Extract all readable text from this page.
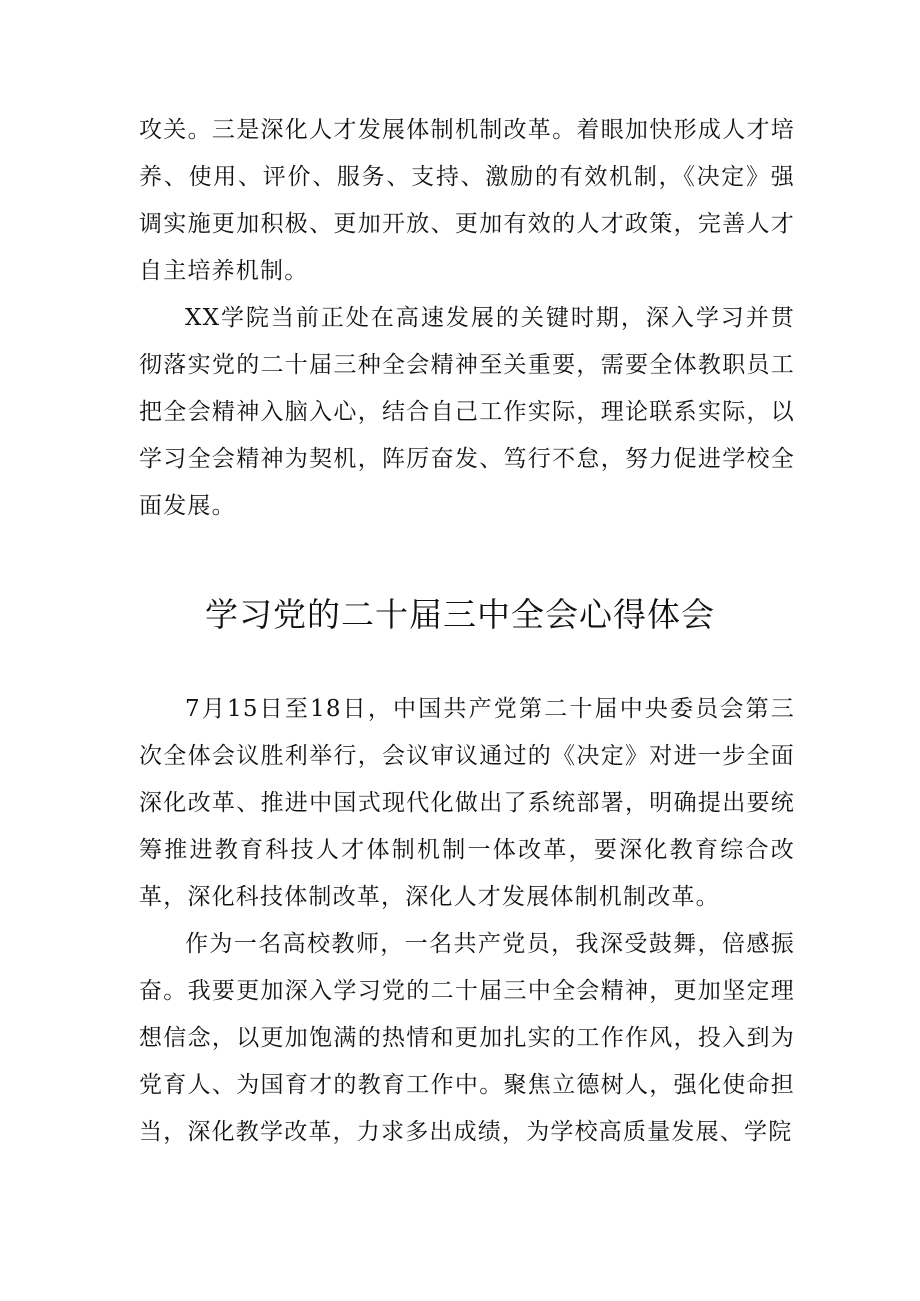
攻关。三是深化人才发展体制机制改革。着眼加快形成人才培养、使用、评价、服务、支持、激励的有效机制，《决定》强调实施更加积极、更加开放、更加有效的人才政策，完善人才自主培养机制。

XX学院当前正处在高速发展的关键时期，深入学习并贯彻落实党的二十届三种全会精神至关重要，需要全体教职员工把全会精神入脑入心，结合自己工作实际，理论联系实际，以学习全会精神为契机，阵厉奋发、笃行不怠，努力促进学校全面发展。

学习党的二十届三中全会心得体会

7月15日至18日，中国共产党第二十届中央委员会第三次全体会议胜利举行，会议审议通过的《决定》对进一步全面深化改革、推进中国式现代化做出了系统部署，明确提出要统筹推进教育科技人才体制机制一体改革，要深化教育综合改革，深化科技体制改革，深化人才发展体制机制改革。

作为一名高校教师，一名共产党员，我深受鼓舞，倍感振奋。我要更加深入学习党的二十届三中全会精神，更加坚定理想信念，以更加饱满的热情和更加扎实的工作作风，投入到为党育人、为国育才的教育工作中。聚焦立德树人，强化使命担当，深化教学改革，力求多出成绩，为学校高质量发展、学院
